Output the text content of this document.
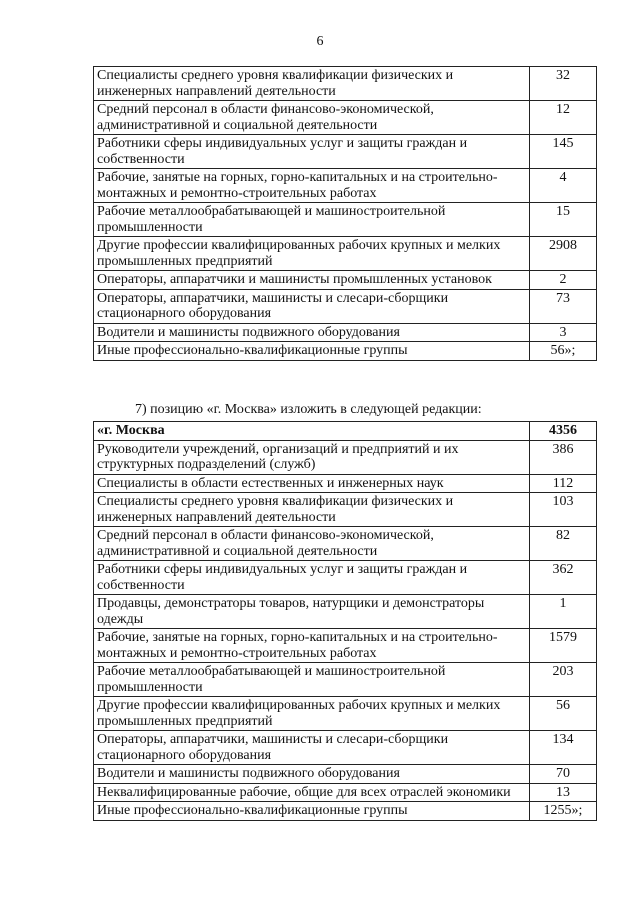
6
Специалисты среднего уровня квалификации физических и инженерных направлений деятельности	32
Средний персонал в области финансово-экономической, административной и социальной деятельности	12
Работники сферы индивидуальных услуг и защиты граждан и собственности	145
Рабочие, занятые на горных, горно-капитальных и на строительно-монтажных и ремонтно-строительных работах	4
Рабочие металлообрабатывающей и машиностроительной промышленности	15
Другие профессии квалифицированных рабочих крупных и мелких промышленных предприятий	2908
Операторы, аппаратчики и машинисты промышленных установок	2
Операторы, аппаратчики, машинисты и слесари-сборщики стационарного оборудования	73
Водители и машинисты подвижного оборудования	3
Иные профессионально-квалификационные группы	56»;
7) позицию «г. Москва» изложить в следующей редакции:
«г. Москва	4356
Руководители учреждений, организаций и предприятий и их структурных подразделений (служб)	386
Специалисты в области естественных и инженерных наук	112
Специалисты среднего уровня квалификации физических и инженерных направлений деятельности	103
Средний персонал в области финансово-экономической, административной и социальной деятельности	82
Работники сферы индивидуальных услуг и защиты граждан и собственности	362
Продавцы, демонстраторы товаров, натурщики и демонстраторы одежды	1
Рабочие, занятые на горных, горно-капитальных и на строительно-монтажных и ремонтно-строительных работах	1579
Рабочие металлообрабатывающей и машиностроительной промышленности	203
Другие профессии квалифицированных рабочих крупных и мелких промышленных предприятий	56
Операторы, аппаратчики, машинисты и слесари-сборщики стационарного оборудования	134
Водители и машинисты подвижного оборудования	70
Неквалифицированные рабочие, общие для всех отраслей экономики	13
Иные профессионально-квалификационные группы	1255»;
